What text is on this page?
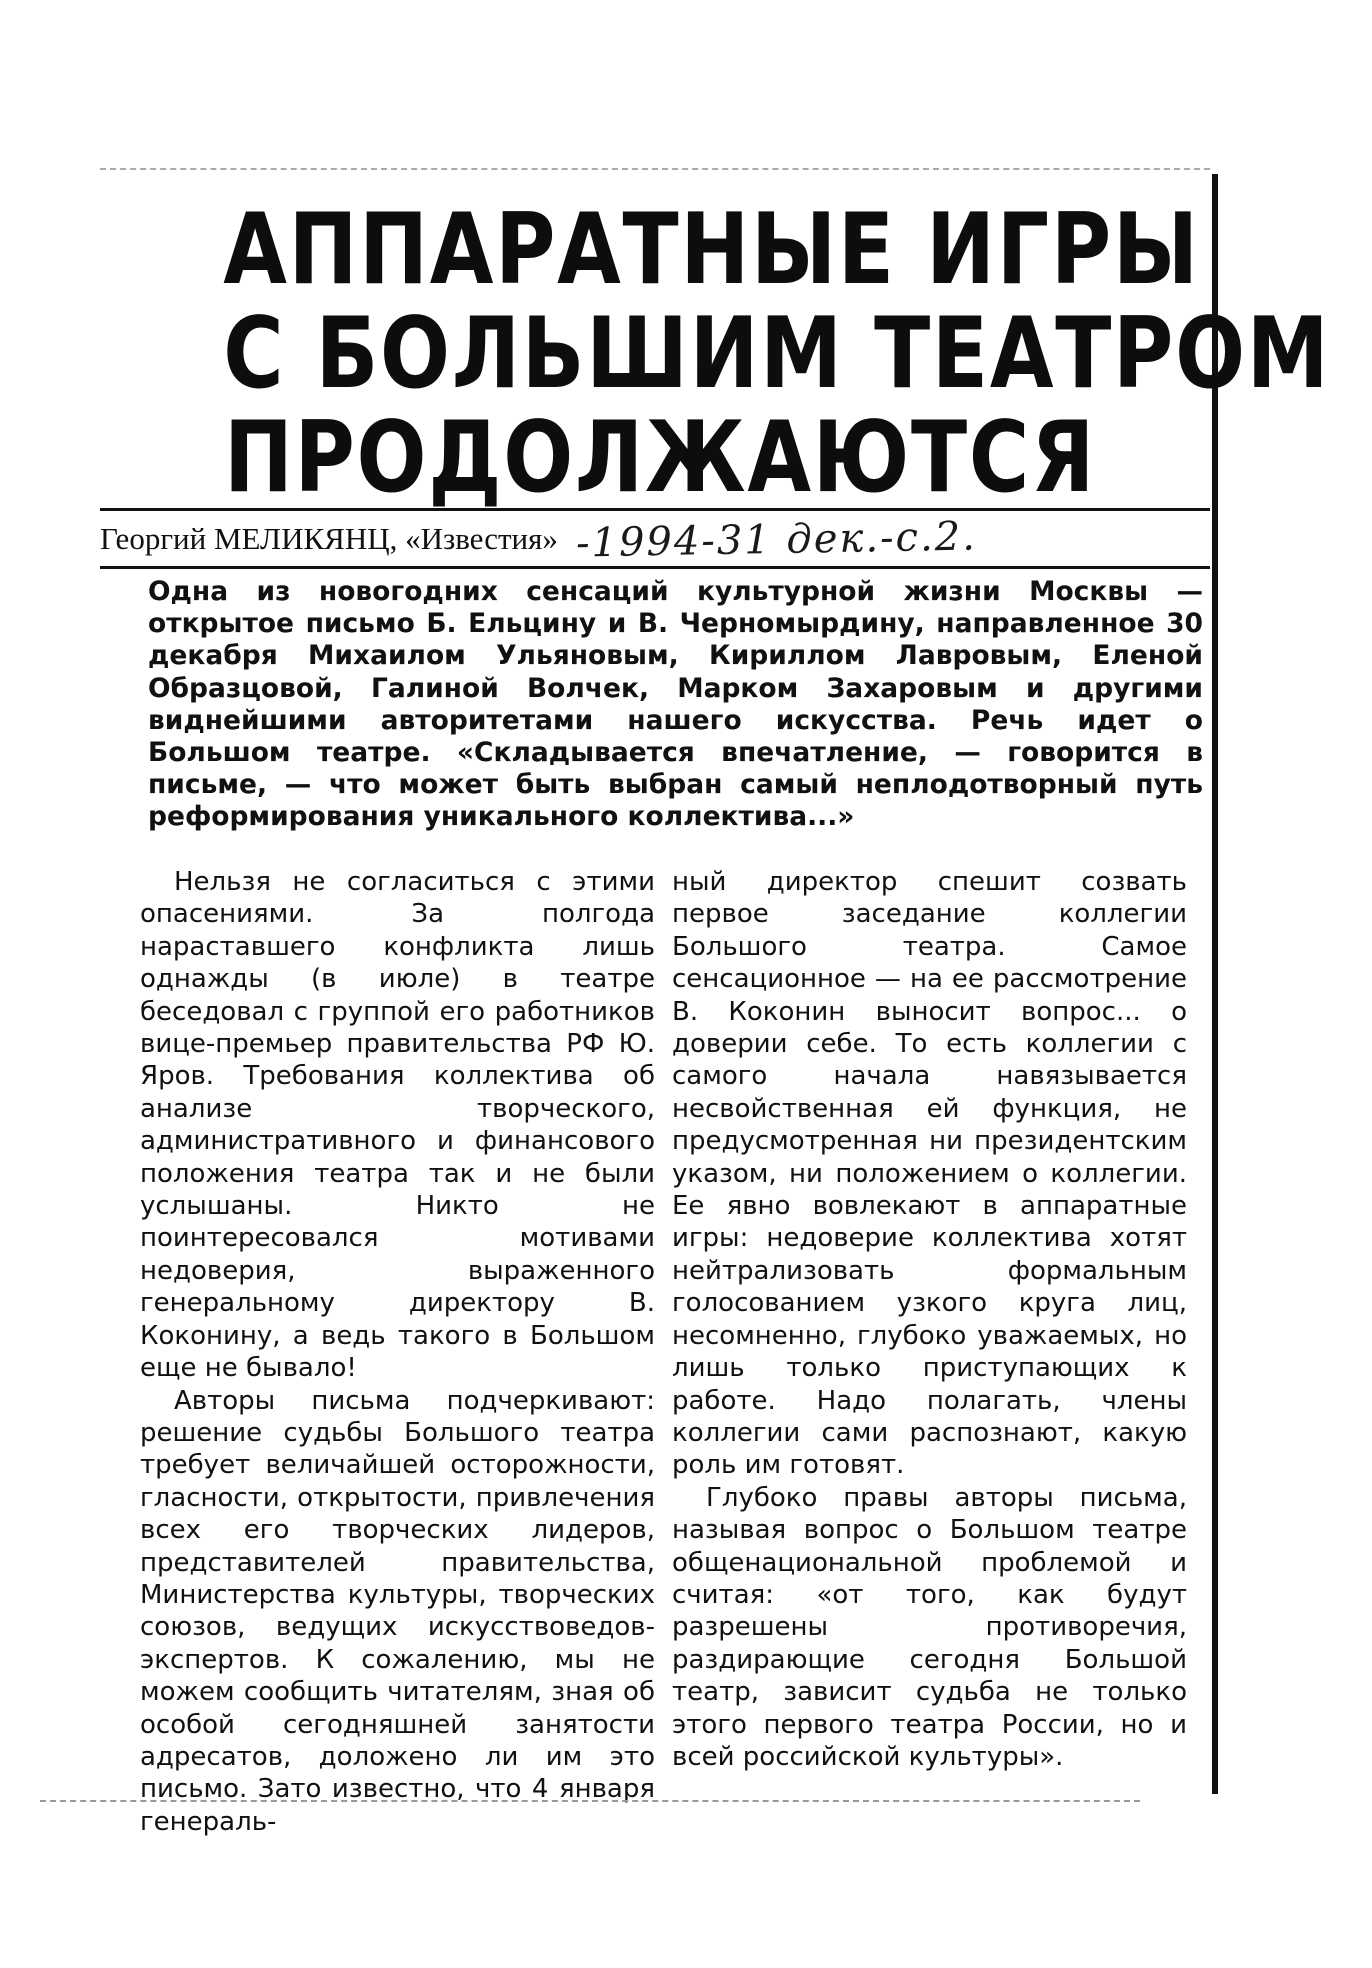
АППАРАТНЫЕ ИГРЫ
С БОЛЬШИМ ТЕАТРОМ
ПРОДОЛЖАЮТСЯ
Георгий МЕЛИКЯНЦ, «Известия» -1994-31 дек.-с.2.

Одна из новогодних сенсаций культурной жизни Москвы — открытое письмо Б. Ельцину и В. Черномырдину, направленное 30 декабря Михаилом Ульяновым, Кириллом Лавровым, Еленой Образцовой, Галиной Волчек, Марком Захаровым и другими виднейшими авторитетами нашего искусства. Речь идет о Большом театре. «Складывается впечатление, — говорится в письме, — что может быть выбран самый неплодотворный путь реформирования уникального коллектива...»

Нельзя не согласиться с этими опасениями. За полгода нараставшего конфликта лишь однажды (в июле) в театре беседовал с группой его работников вице-премьер правительства РФ Ю. Яров. Требования коллектива об анализе творческого, административного и финансового положения театра так и не были услышаны. Никто не поинтересовался мотивами недоверия, выраженного генеральному директору В. Коконину, а ведь такого в Большом еще не бывало!

Авторы письма подчеркивают: решение судьбы Большого театра требует величайшей осторожности, гласности, открытости, привлечения всех его творческих лидеров, представителей правительства, Министерства культуры, творческих союзов, ведущих искусствоведов-экспертов. К сожалению, мы не можем сообщить читателям, зная об особой сегодняшней занятости адресатов, доложено ли им это письмо. Зато известно, что 4 января генераль-

ный директор спешит созвать первое заседание коллегии Большого театра. Самое сенсационное — на ее рассмотрение В. Коконин выносит вопрос... о доверии себе. То есть коллегии с самого начала навязывается несвойственная ей функция, не предусмотренная ни президентским указом, ни положением о коллегии. Ее явно вовлекают в аппаратные игры: недоверие коллектива хотят нейтрализовать формальным голосованием узкого круга лиц, несомненно, глубоко уважаемых, но лишь только приступающих к работе. Надо полагать, члены коллегии сами распознают, какую роль им готовят.

Глубоко правы авторы письма, называя вопрос о Большом театре общенациональной проблемой и считая: «от того, как будут разрешены противоречия, раздирающие сегодня Большой театр, зависит судьба не только этого первого театра России, но и всей российской культуры».
